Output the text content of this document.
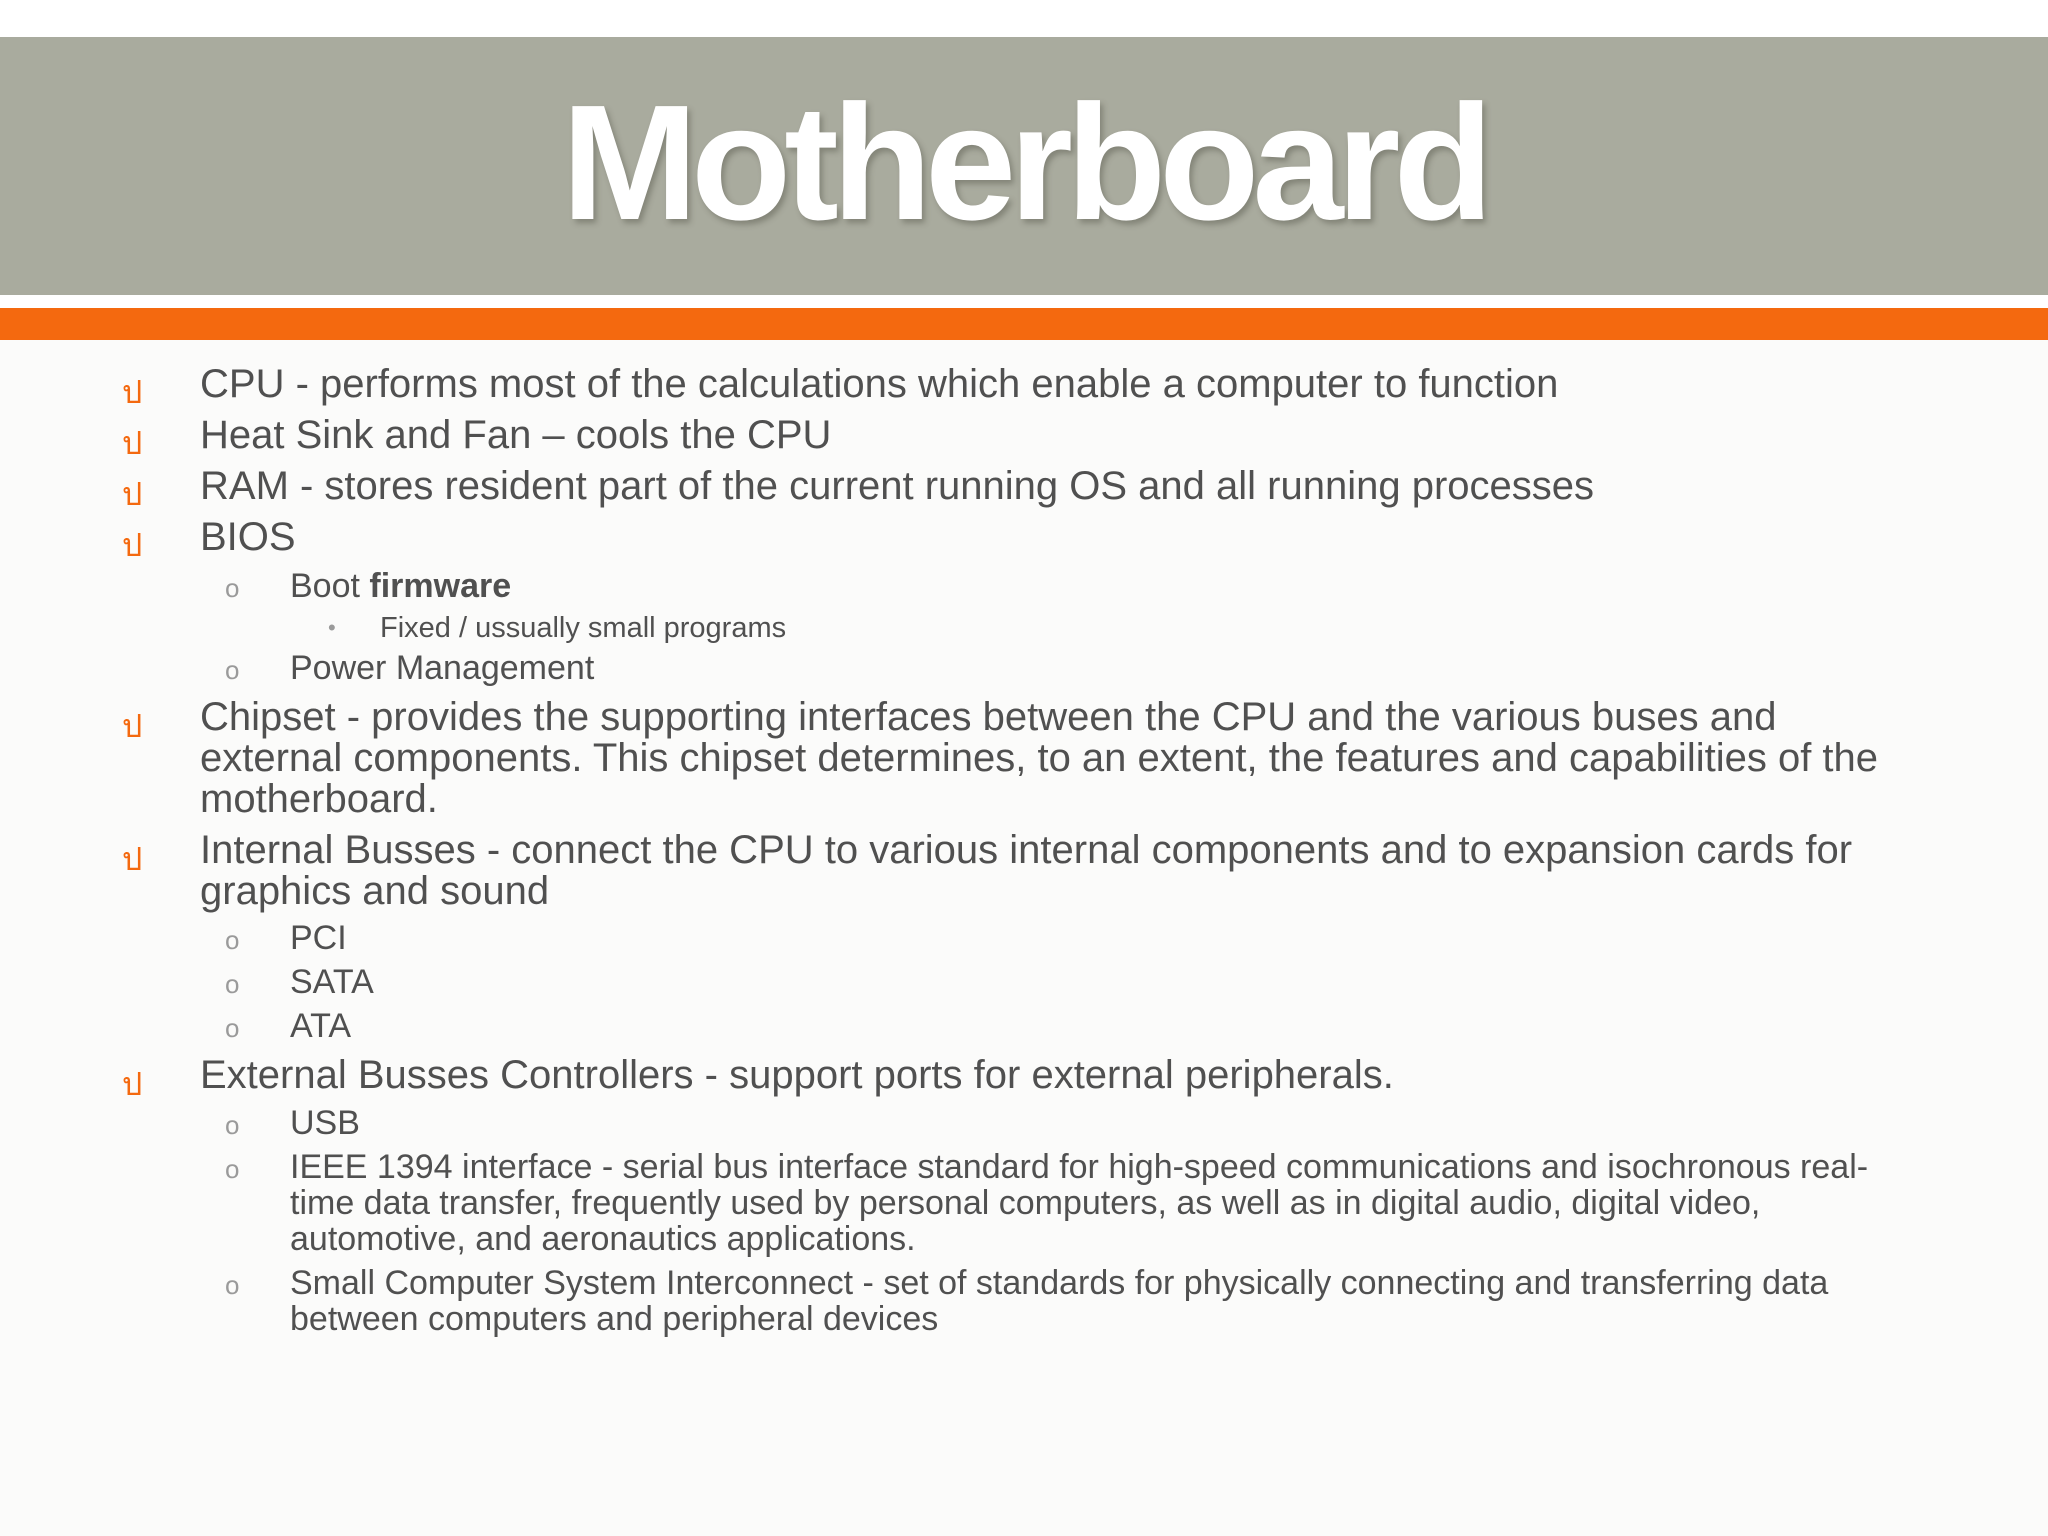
Motherboard
ป CPU - performs most of the calculations which enable a computer to function
ป Heat Sink and Fan – cools the CPU
ป RAM - stores resident part of the current running OS and all running processes
ป BIOS
o Boot firmware
• Fixed / ussually small programs
o Power Management
ป Chipset - provides the supporting interfaces between the CPU and the various buses and external components. This chipset determines, to an extent, the features and capabilities of the motherboard.
ป Internal Busses - connect the CPU to various internal components and to expansion cards for graphics and sound
o PCI
o SATA
o ATA
ป External Busses Controllers - support ports for external peripherals.
o USB
o IEEE 1394 interface - serial bus interface standard for high-speed communications and isochronous real-time data transfer, frequently used by personal computers, as well as in digital audio, digital video, automotive, and aeronautics applications.
o Small Computer System Interconnect - set of standards for physically connecting and transferring data between computers and peripheral devices
